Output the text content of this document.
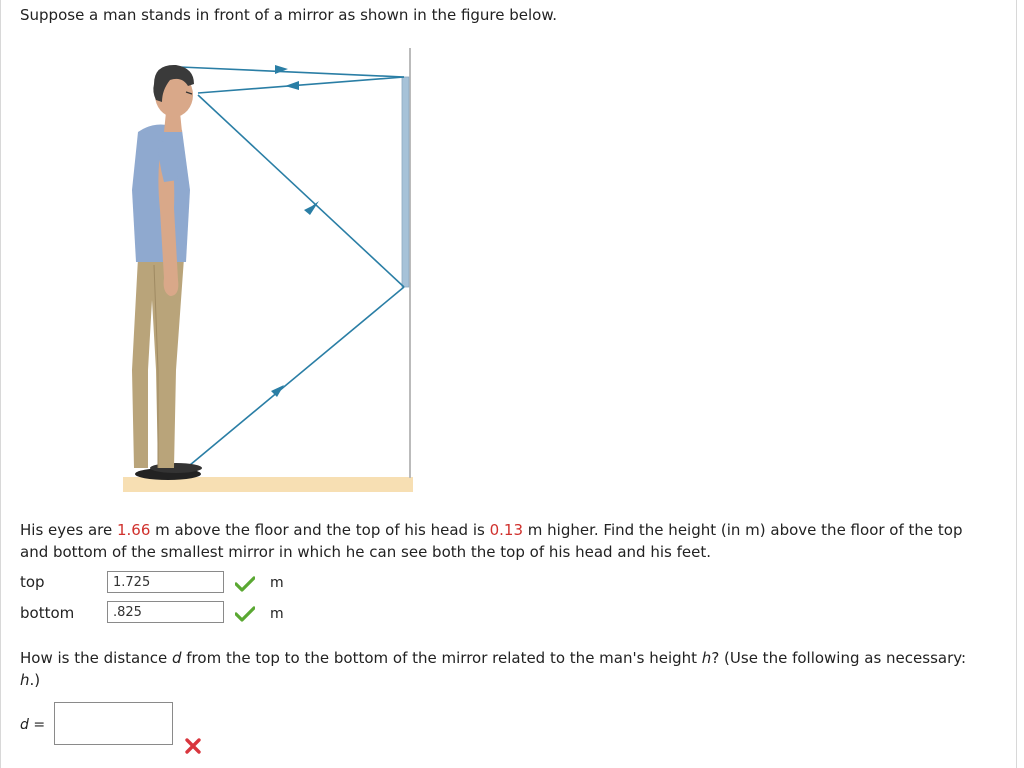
Suppose a man stands in front of a mirror as shown in the figure below.
His eyes are 1.66 m above the floor and the top of his head is 0.13 m higher. Find the height (in m) above the floor of the top and bottom of the smallest mirror in which he can see both the top of his head and his feet.
top
1.725	m
bottom
.825	m
How is the distance d from the top to the bottom of the mirror related to the man's height h? (Use the following as necessary: h.)
d =
